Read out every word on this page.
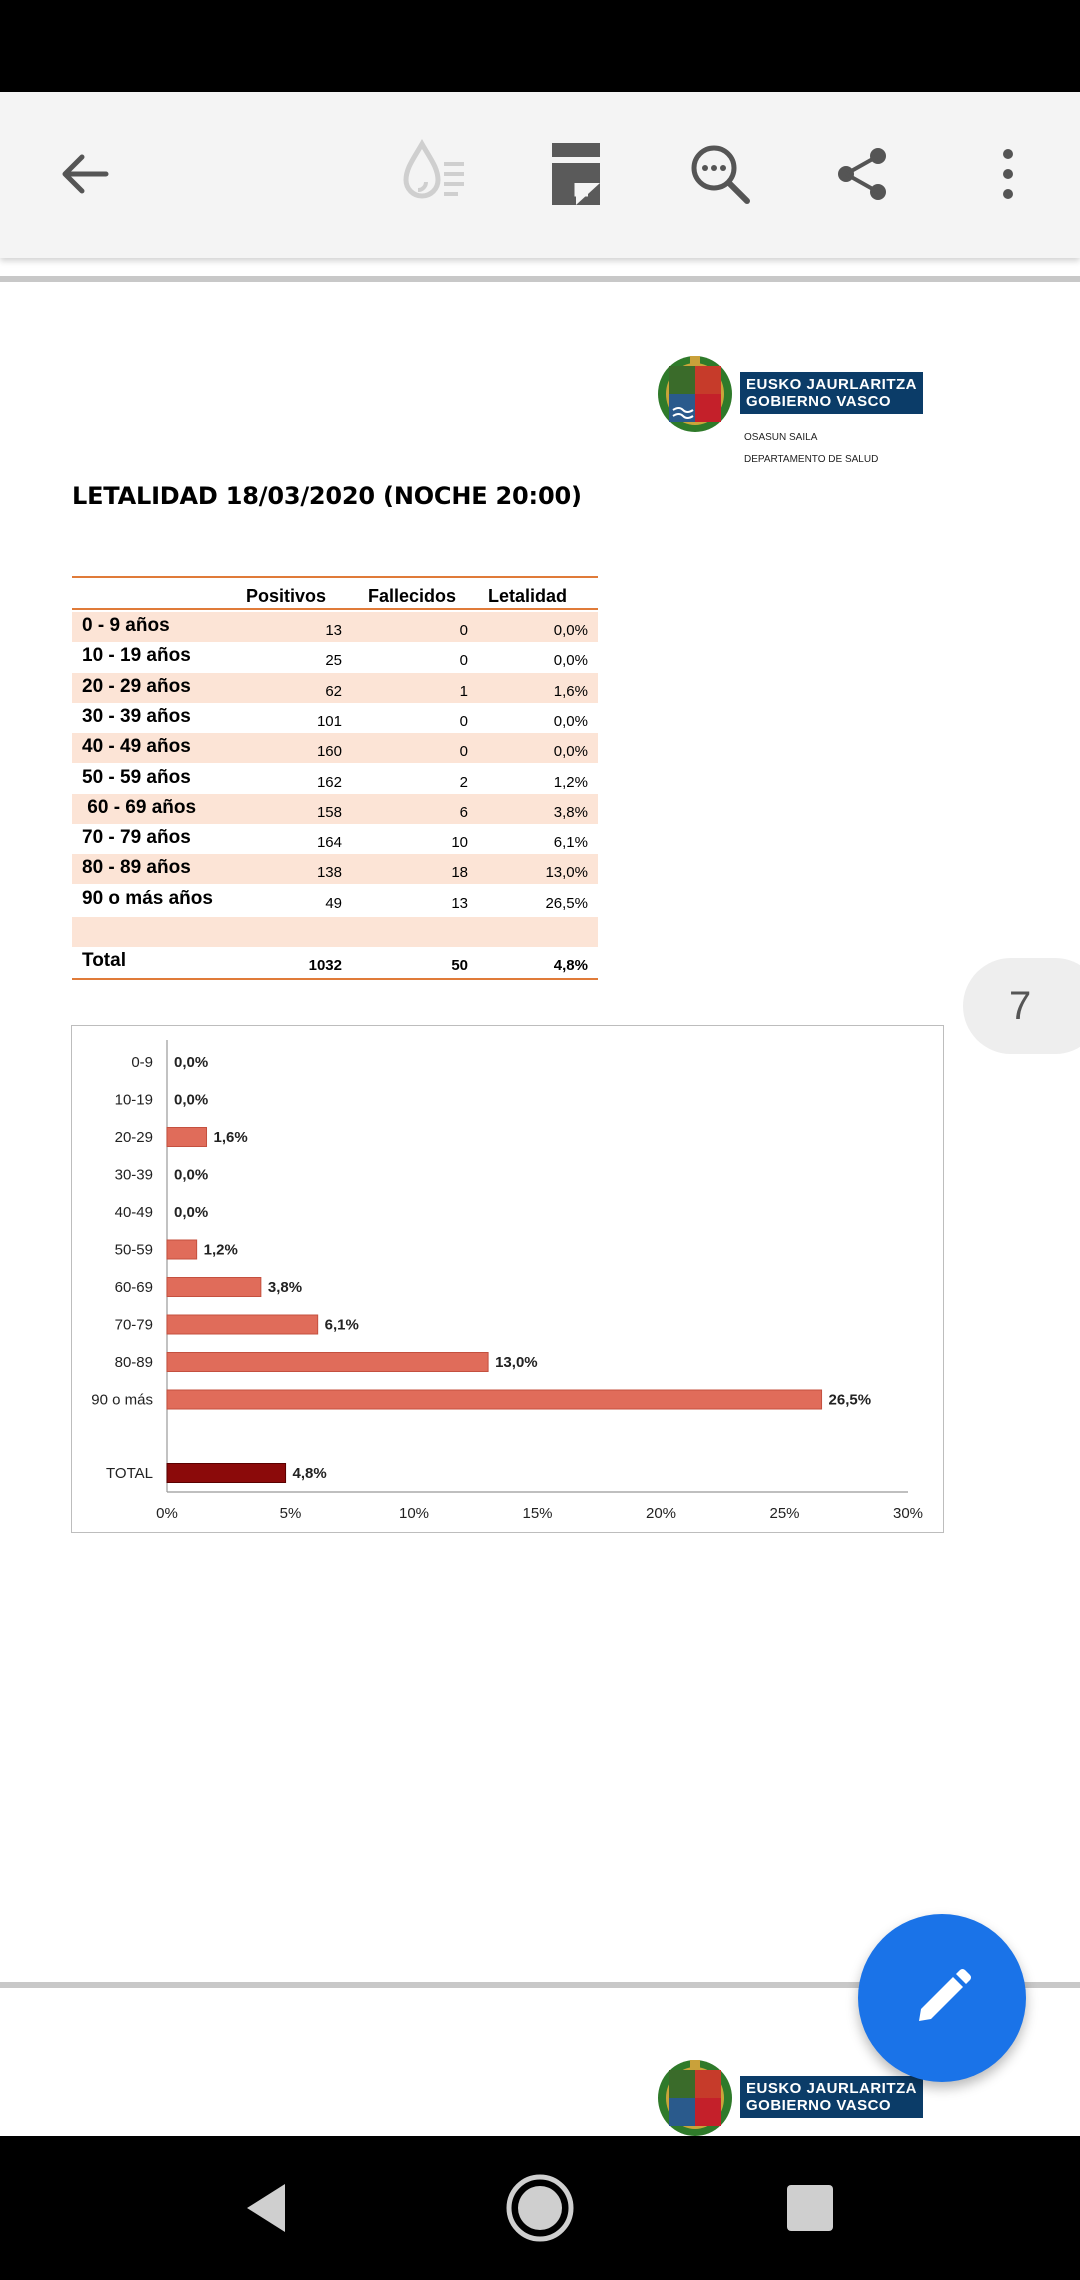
EUSKO JAURLARITZA
GOBIERNO VASCO
OSASUN SAILA
DEPARTAMENTO DE SALUD
LETALIDAD 18/03/2020 (NOCHE 20:00)
Positivos Fallecidos Letalidad
0 - 9 años	13	0	0,0%
10 - 19 años	25	0	0,0%
20 - 29 años	62	1	1,6%
30 - 39 años	101	0	0,0%
40 - 49 años	160	0	0,0%
50 - 59 años	162	2	1,2%
60 - 69 años	158	6	3,8%
70 - 79 años	164	10	6,1%
80 - 89 años	138	18	13,0%
90 o más años	49	13	26,5%
Total	1032	50	4,8%
7
0-9 0,0%
10-19 0,0%
20-29	1,6%
30-39 0,0%
40-49 0,0%
50-59	1,2%
60-69	3,8%
70-79	6,1%
80-89	13,0%
90 o más	26,5%
TOTAL	4,8%
0%	5%	10%	15%	20%	25%	30%
EUSKO JAURLARITZA
GOBIERNO VASCO
